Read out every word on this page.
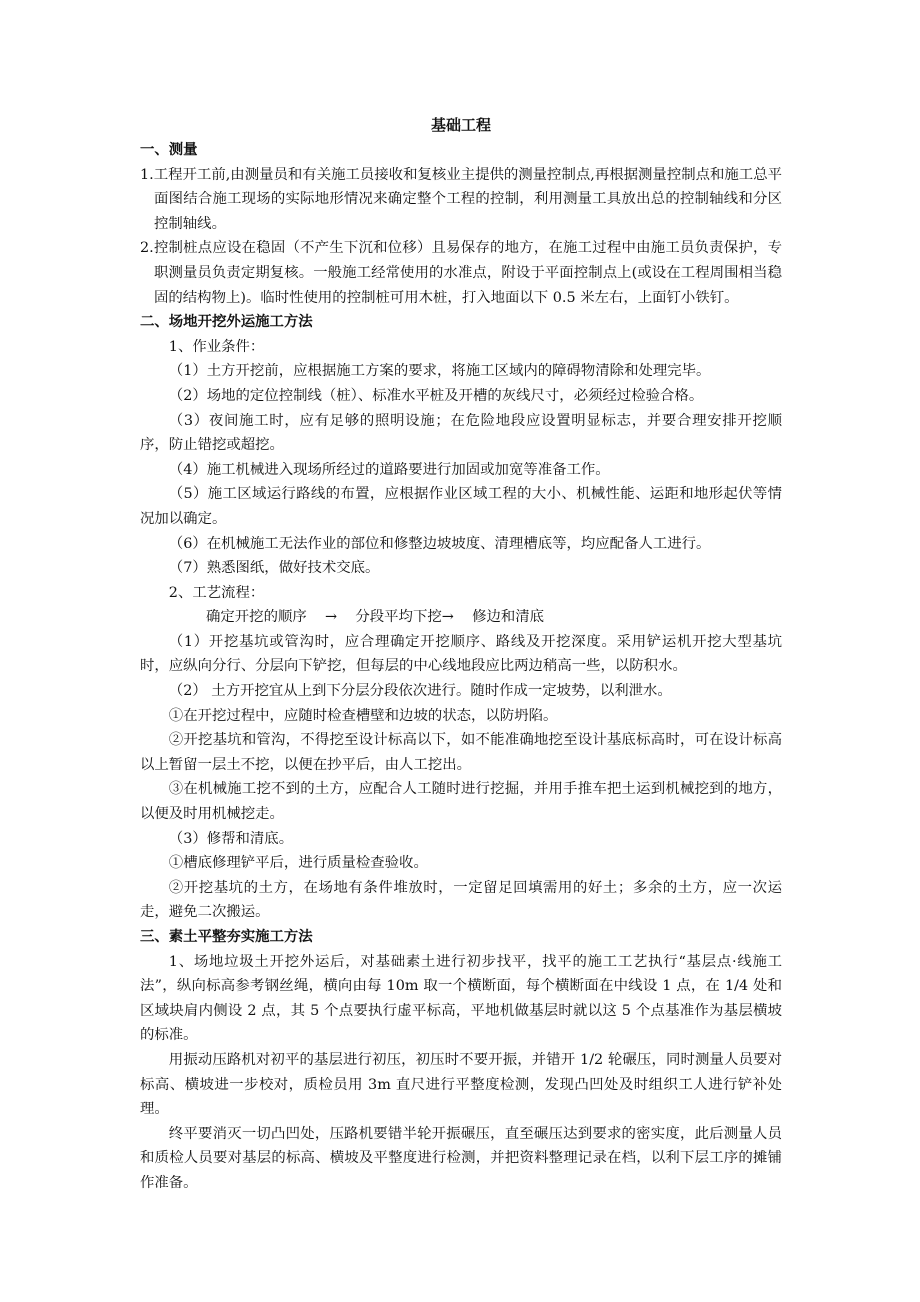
基础工程
一、测量

1.工程开工前,由测量员和有关施工员接收和复核业主提供的测量控制点,再根据测量控制点和施工总平面图结合施工现场的实际地形情况来确定整个工程的控制，利用测量工具放出总的控制轴线和分区控制轴线。

2.控制桩点应设在稳固（不产生下沉和位移）且易保存的地方，在施工过程中由施工员负责保护，专职测量员负责定期复核。一般施工经常使用的水准点，附设于平面控制点上(或设在工程周围相当稳固的结构物上)。临时性使用的控制桩可用木桩，打入地面以下 0.5 米左右，上面钉小铁钉。

二、场地开挖外运施工方法

1、作业条件：

（1）土方开挖前，应根据施工方案的要求，将施工区域内的障碍物清除和处理完毕。

（2）场地的定位控制线（桩）、标准水平桩及开槽的灰线尺寸，必须经过检验合格。

（3）夜间施工时，应有足够的照明设施；在危险地段应设置明显标志，并要合理安排开挖顺序，防止错挖或超挖。

（4）施工机械进入现场所经过的道路要进行加固或加宽等准备工作。

（5）施工区域运行路线的布置，应根据作业区域工程的大小、机械性能、运距和地形起伏等情况加以确定。

（6）在机械施工无法作业的部位和修整边坡坡度、清理槽底等，均应配备人工进行。

（7）熟悉图纸，做好技术交底。

2、工艺流程：

确定开挖的顺序    →    分段平均下挖→    修边和清底

（1）开挖基坑或管沟时，应合理确定开挖顺序、路线及开挖深度。采用铲运机开挖大型基坑时，应纵向分行、分层向下铲挖，但每层的中心线地段应比两边稍高一些，以防积水。

（2） 土方开挖宜从上到下分层分段依次进行。随时作成一定坡势，以利泄水。

①在开挖过程中，应随时检查槽壁和边坡的状态，以防坍陷。

②开挖基坑和管沟，不得挖至设计标高以下，如不能准确地挖至设计基底标高时，可在设计标高以上暂留一层土不挖，以便在抄平后，由人工挖出。

③在机械施工挖不到的土方，应配合人工随时进行挖掘，并用手推车把土运到机械挖到的地方，以便及时用机械挖走。

（3）修帮和清底。

①槽底修理铲平后，进行质量检查验收。

②开挖基坑的土方，在场地有条件堆放时，一定留足回填需用的好土；多余的土方，应一次运走，避免二次搬运。

三、素土平整夯实施工方法

1、场地垃圾土开挖外运后，对基础素土进行初步找平，找平的施工工艺执行“基层点·线施工法”，纵向标高参考钢丝绳，横向由每 10m 取一个横断面，每个横断面在中线设 1 点，在 1/4 处和区域块肩内侧设 2 点，其 5 个点要执行虚平标高，平地机做基层时就以这 5 个点基准作为基层横坡的标准。

用振动压路机对初平的基层进行初压，初压时不要开振，并错开 1/2 轮碾压，同时测量人员要对标高、横坡进一步校对，质检员用 3m 直尺进行平整度检测，发现凸凹处及时组织工人进行铲补处理。

终平要消灭一切凸凹处，压路机要错半轮开振碾压，直至碾压达到要求的密实度，此后测量人员和质检人员要对基层的标高、横坡及平整度进行检测，并把资料整理记录在档，以利下层工序的摊铺作准备。
